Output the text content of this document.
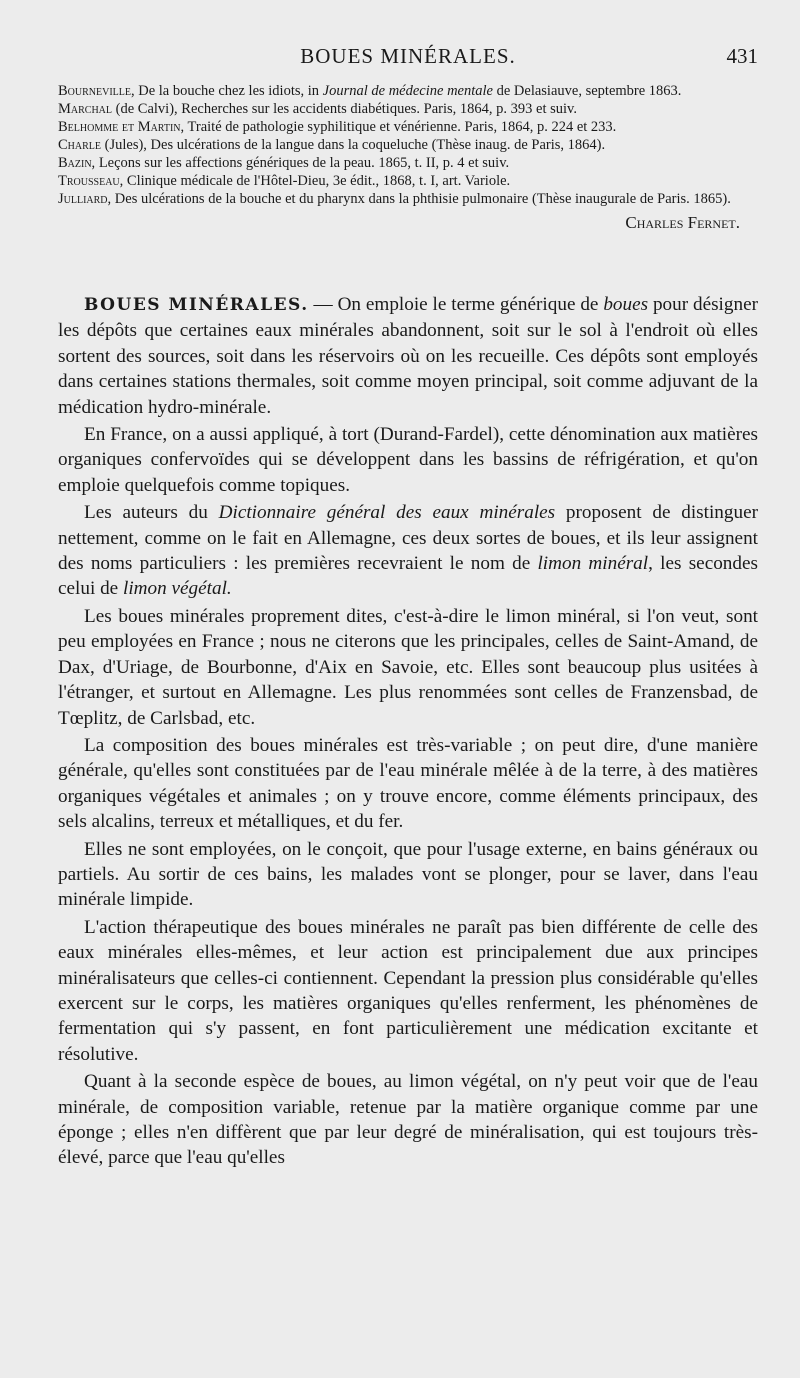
BOUES MINÉRALES.	431

Bourneville, De la bouche chez les idiots, in Journal de médecine mentale de Delasiauve, septembre 1863.

Marchal (de Calvi), Recherches sur les accidents diabétiques. Paris, 1864, p. 393 et suiv.

Belhomme et Martin, Traité de pathologie syphilitique et vénérienne. Paris, 1864, p. 224 et 233.

Charle (Jules), Des ulcérations de la langue dans la coqueluche (Thèse inaug. de Paris, 1864).

Bazin, Leçons sur les affections génériques de la peau. 1865, t. II, p. 4 et suiv.

Trousseau, Clinique médicale de l'Hôtel-Dieu, 3e édit., 1868, t. I, art. Variole.

Julliard, Des ulcérations de la bouche et du pharynx dans la phthisie pulmonaire (Thèse inaugurale de Paris. 1865).

Charles Fernet.

BOUES MINÉRALES. — On emploie le terme générique de boues pour désigner les dépôts que certaines eaux minérales abandonnent, soit sur le sol à l'endroit où elles sortent des sources, soit dans les réservoirs où on les recueille. Ces dépôts sont employés dans certaines stations thermales, soit comme moyen principal, soit comme adjuvant de la médication hydro-minérale.

En France, on a aussi appliqué, à tort (Durand-Fardel), cette dénomination aux matières organiques confervoïdes qui se développent dans les bassins de réfrigération, et qu'on emploie quelquefois comme topiques.

Les auteurs du Dictionnaire général des eaux minérales proposent de distinguer nettement, comme on le fait en Allemagne, ces deux sortes de boues, et ils leur assignent des noms particuliers : les premières recevraient le nom de limon minéral, les secondes celui de limon végétal.

Les boues minérales proprement dites, c'est-à-dire le limon minéral, si l'on veut, sont peu employées en France ; nous ne citerons que les principales, celles de Saint-Amand, de Dax, d'Uriage, de Bourbonne, d'Aix en Savoie, etc. Elles sont beaucoup plus usitées à l'étranger, et surtout en Allemagne. Les plus renommées sont celles de Franzensbad, de Tœplitz, de Carlsbad, etc.

La composition des boues minérales est très-variable ; on peut dire, d'une manière générale, qu'elles sont constituées par de l'eau minérale mêlée à de la terre, à des matières organiques végétales et animales ; on y trouve encore, comme éléments principaux, des sels alcalins, terreux et métalliques, et du fer.

Elles ne sont employées, on le conçoit, que pour l'usage externe, en bains généraux ou partiels. Au sortir de ces bains, les malades vont se plonger, pour se laver, dans l'eau minérale limpide.

L'action thérapeutique des boues minérales ne paraît pas bien différente de celle des eaux minérales elles-mêmes, et leur action est principalement due aux principes minéralisateurs que celles-ci contiennent. Cependant la pression plus considérable qu'elles exercent sur le corps, les matières organiques qu'elles renferment, les phénomènes de fermentation qui s'y passent, en font particulièrement une médication excitante et résolutive.

Quant à la seconde espèce de boues, au limon végétal, on n'y peut voir que de l'eau minérale, de composition variable, retenue par la matière organique comme par une éponge ; elles n'en diffèrent que par leur degré de minéralisation, qui est toujours très-élevé, parce que l'eau qu'elles
